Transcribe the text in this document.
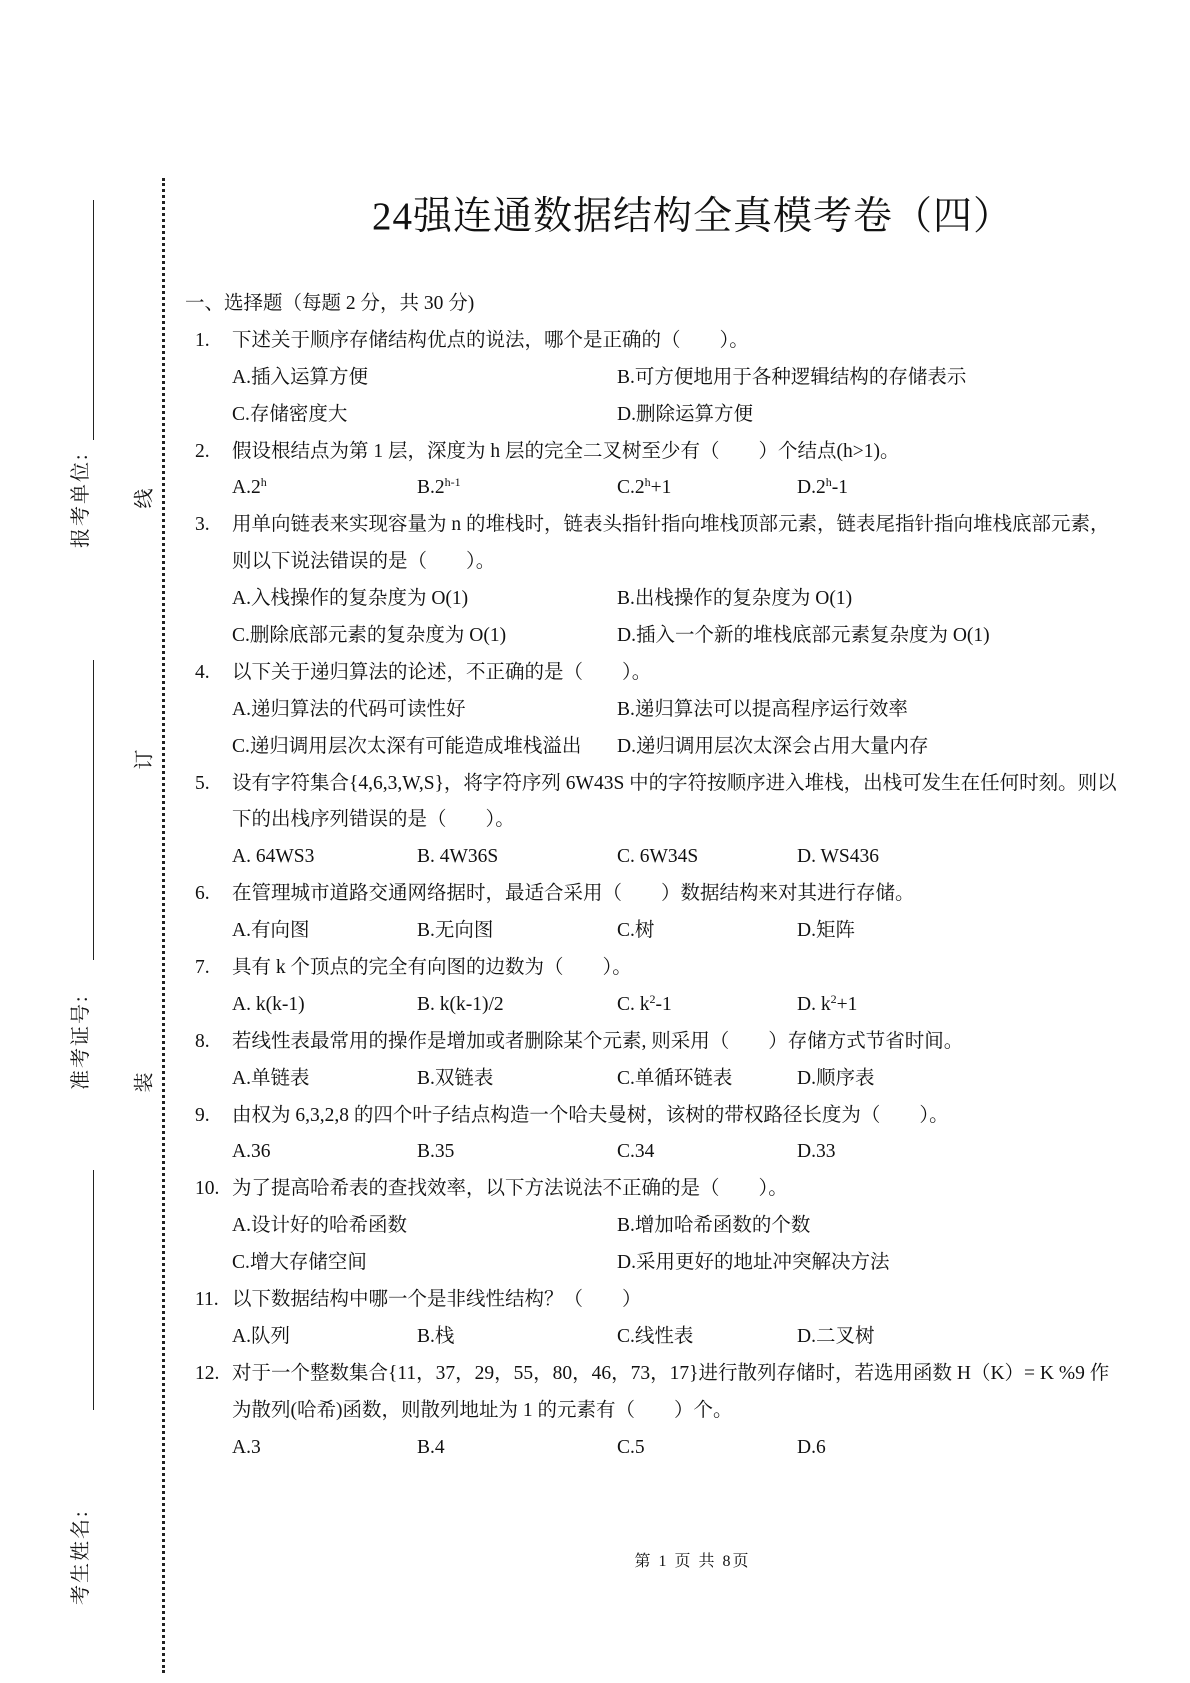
报考单位:
准考证号:
考生姓名:
线
订
装
24强连通数据结构全真模考卷（四）
一、选择题（每题 2 分，共 30 分)
1. 下述关于顺序存储结构优点的说法，哪个是正确的（　　）。
A.插入运算方便	B.可方便地用于各种逻辑结构的存储表示
C.存储密度大	D.删除运算方便
2. 假设根结点为第 1 层，深度为 h 层的完全二叉树至少有（　　）个结点(h>1)。
A.2$^h$	B.2$^{h-1}$	C.2$^h$+1	D.2$^h$-1
3. 用单向链表来实现容量为 n 的堆栈时，链表头指针指向堆栈顶部元素，链表尾指针指向堆栈底部元素，
则以下说法错误的是（　　）。
A.入栈操作的复杂度为 O(1)	B.出栈操作的复杂度为 O(1)
C.删除底部元素的复杂度为 O(1)	D.插入一个新的堆栈底部元素复杂度为 O(1)
4. 以下关于递归算法的论述，不正确的是（　　）。
A.递归算法的代码可读性好	B.递归算法可以提高程序运行效率
C.递归调用层次太深有可能造成堆栈溢出 D.递归调用层次太深会占用大量内存
5. 设有字符集合{4,6,3,W,S}，将字符序列 6W43S 中的字符按顺序进入堆栈，出栈可发生在任何时刻。则以
下的出栈序列错误的是（　　）。
A. 64WS3	B. 4W36S	C. 6W34S	D. WS436
6. 在管理城市道路交通网络据时，最适合采用（　　）数据结构来对其进行存储。
A.有向图	B.无向图	C.树	D.矩阵
7. 具有 k 个顶点的完全有向图的边数为（　　）。
A. k(k-1)	B. k(k-1)/2	C. $k^2-1$	D. $k^2+1$
8. 若线性表最常用的操作是增加或者删除某个元素, 则采用（　　）存储方式节省时间。
A.单链表	B.双链表	C.单循环链表	D.顺序表
9. 由权为 6,3,2,8 的四个叶子结点构造一个哈夫曼树，该树的带权路径长度为（　　）。
A.36	B.35	C.34	D.33
10. 为了提高哈希表的查找效率，以下方法说法不正确的是（　　）。
A.设计好的哈希函数	B.增加哈希函数的个数
C.增大存储空间	D.采用更好的地址冲突解决方法
11. 以下数据结构中哪一个是非线性结构？（　　）
A.队列	B.栈	C.线性表	D.二叉树
12. 对于一个整数集合{11，37，29，55，80，46，73，17}进行散列存储时，若选用函数 H（K）= K %9 作
为散列(哈希)函数，则散列地址为 1 的元素有（　　）个。
A.3	B.4	C.5	D.6
第 1 页 共 8页
